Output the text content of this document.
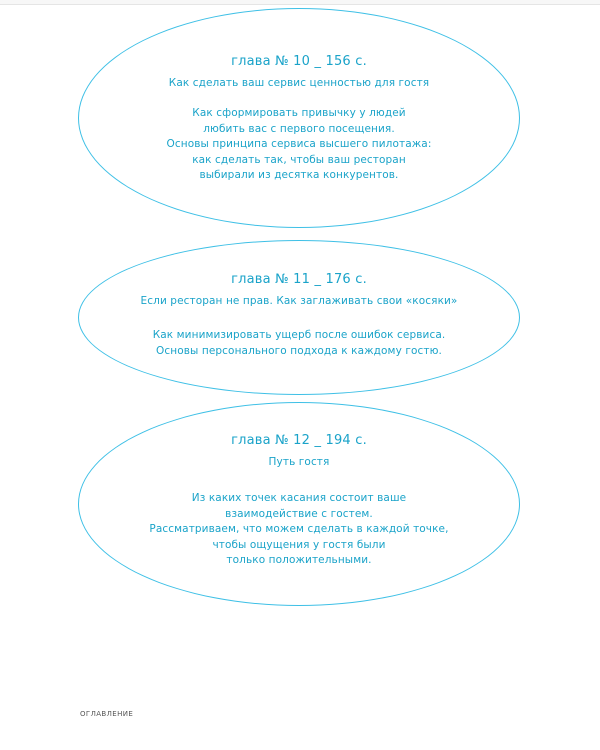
глава № 10 _ 156 с.
Как сделать ваш сервис ценностью для гостя
Как сформировать привычку у людей
любить вас с первого посещения.
Основы принципа сервиса высшего пилотажа:
как сделать так, чтобы ваш ресторан
выбирали из десятка конкурентов.
глава № 11 _ 176 с.
Если ресторан не прав. Как заглаживать свои «косяки»
Как минимизировать ущерб после ошибок сервиса.
Основы персонального подхода к каждому гостю.
глава № 12 _ 194 с.
Путь гостя
Из каких точек касания состоит ваше
взаимодействие с гостем.
Рассматриваем, что можем сделать в каждой точке,
чтобы ощущения у гостя были
только положительными.
ОГЛАВЛЕНИЕ
